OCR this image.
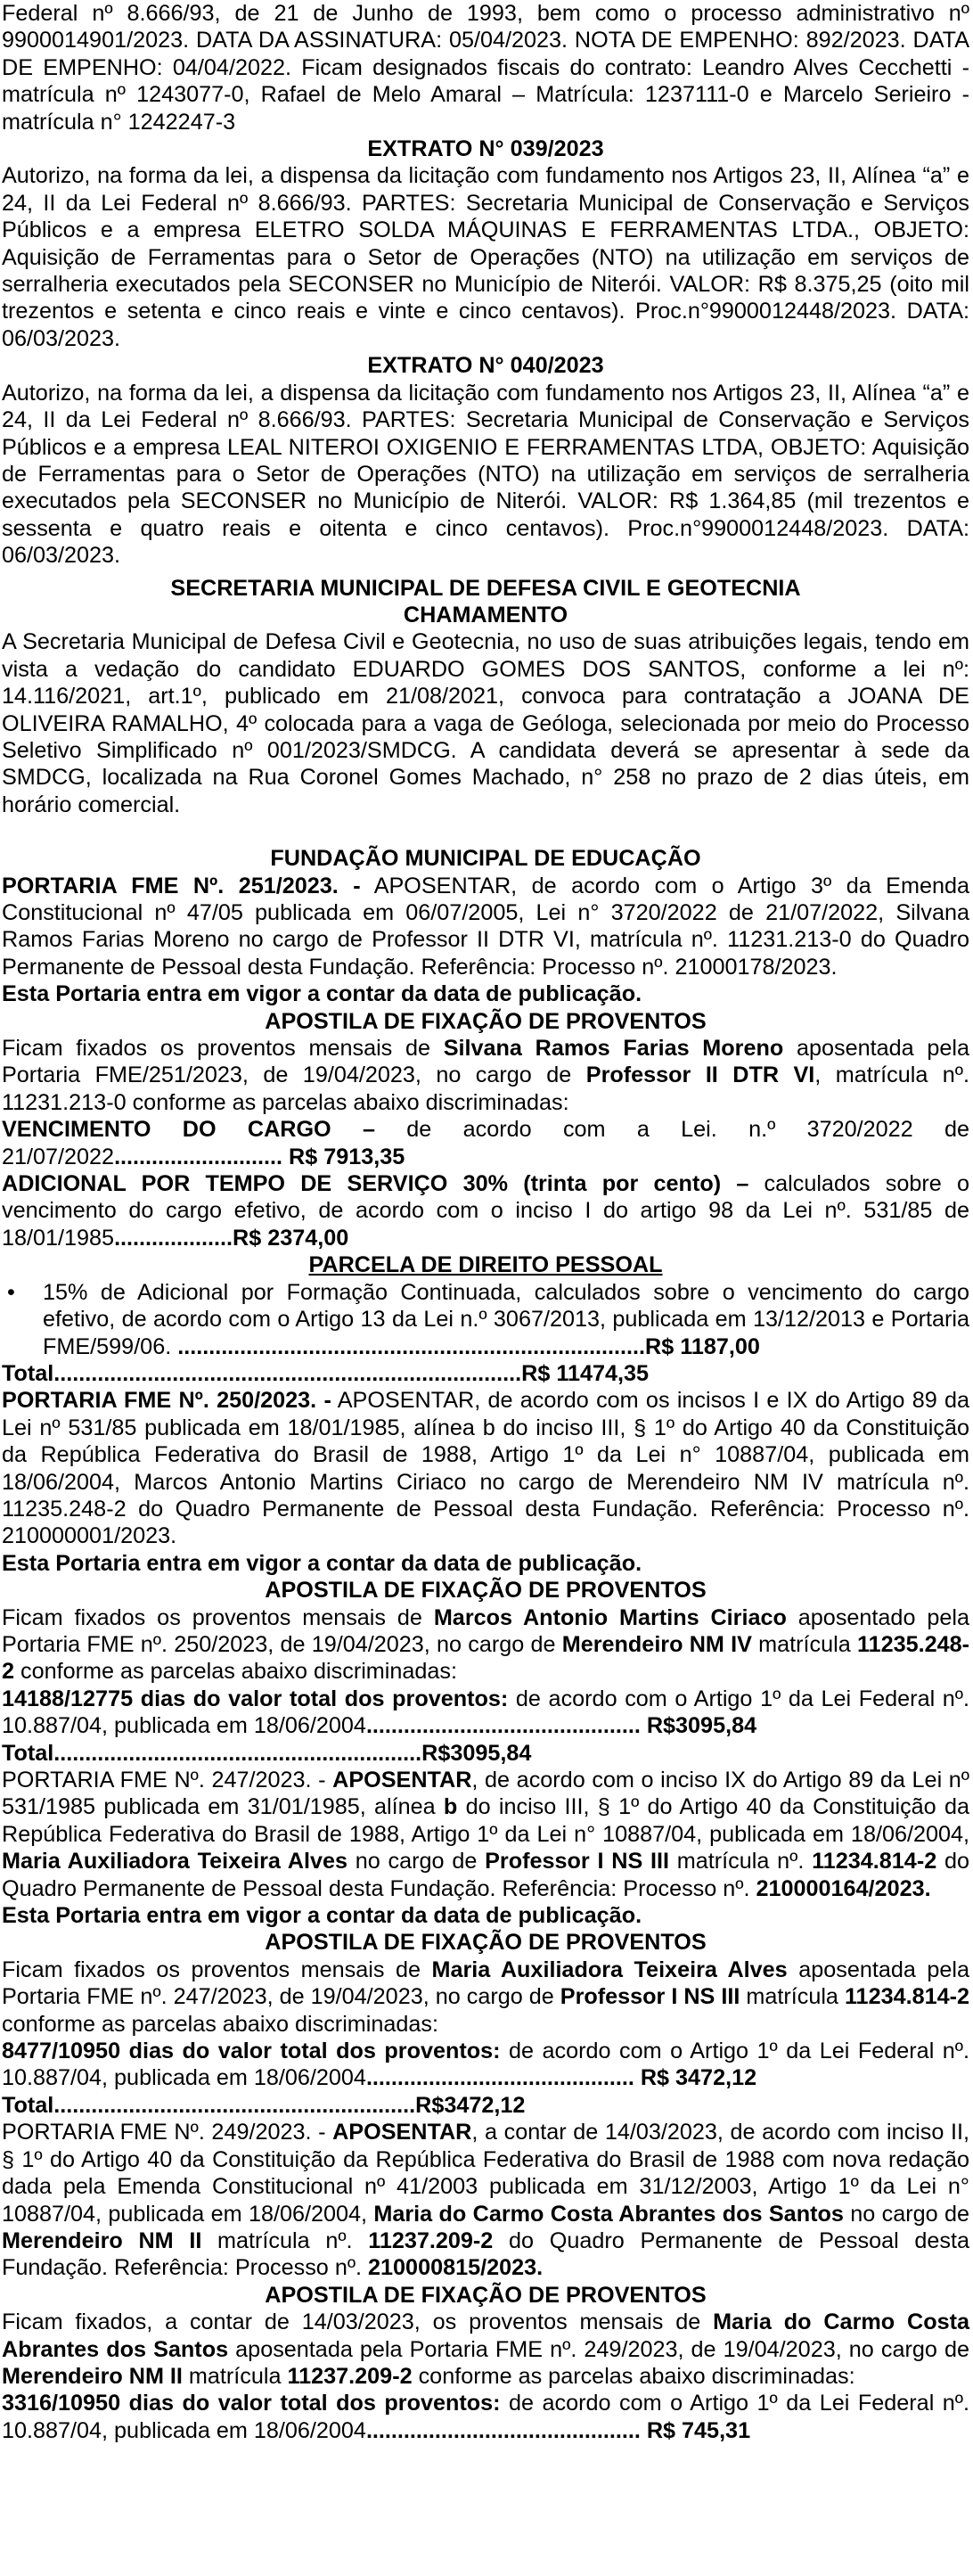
Federal nº 8.666/93, de 21 de Junho de 1993, bem como o processo administrativo nº 9900014901/2023. DATA DA ASSINATURA: 05/04/2023. NOTA DE EMPENHO: 892/2023. DATA DE EMPENHO: 04/04/2022. Ficam designados fiscais do contrato: Leandro Alves Cecchetti - matrícula nº 1243077-0, Rafael de Melo Amaral – Matrícula: 1237111-0 e Marcelo Serieiro - matrícula n° 1242247-3

EXTRATO N° 039/2023

Autorizo, na forma da lei, a dispensa da licitação com fundamento nos Artigos 23, II, Alínea “a” e 24, II da Lei Federal nº 8.666/93. PARTES: Secretaria Municipal de Conservação e Serviços Públicos e a empresa ELETRO SOLDA MÁQUINAS E FERRAMENTAS LTDA., OBJETO: Aquisição de Ferramentas para o Setor de Operações (NTO) na utilização em serviços de serralheria executados pela SECONSER no Município de Niterói. VALOR: R$ 8.375,25 (oito mil trezentos e setenta e cinco reais e vinte e cinco centavos). Proc.n°9900012448/2023. DATA: 06/03/2023.

EXTRATO N° 040/2023

Autorizo, na forma da lei, a dispensa da licitação com fundamento nos Artigos 23, II, Alínea “a” e 24, II da Lei Federal nº 8.666/93. PARTES: Secretaria Municipal de Conservação e Serviços Públicos e a empresa LEAL NITEROI OXIGENIO E FERRAMENTAS LTDA, OBJETO: Aquisição de Ferramentas para o Setor de Operações (NTO) na utilização em serviços de serralheria executados pela SECONSER no Município de Niterói. VALOR: R$ 1.364,85 (mil trezentos e sessenta e quatro reais e oitenta e cinco centavos). Proc.n°9900012448/2023. DATA: 06/03/2023.

SECRETARIA MUNICIPAL DE DEFESA CIVIL E GEOTECNIA

CHAMAMENTO

A Secretaria Municipal de Defesa Civil e Geotecnia, no uso de suas atribuições legais, tendo em vista a vedação do candidato EDUARDO GOMES DOS SANTOS, conforme a lei nº: 14.116/2021, art.1º, publicado em 21/08/2021, convoca para contratação a JOANA DE OLIVEIRA RAMALHO, 4º colocada para a vaga de Geóloga, selecionada por meio do Processo Seletivo Simplificado nº 001/2023/SMDCG. A candidata deverá se apresentar à sede da SMDCG, localizada na Rua Coronel Gomes Machado, n° 258 no prazo de 2 dias úteis, em horário comercial.

FUNDAÇÃO MUNICIPAL DE EDUCAÇÃO

PORTARIA FME Nº. 251/2023. - APOSENTAR, de acordo com o Artigo 3º da Emenda Constitucional nº 47/05 publicada em 06/07/2005, Lei n° 3720/2022 de 21/07/2022, Silvana Ramos Farias Moreno no cargo de Professor II DTR VI, matrícula nº. 11231.213-0 do Quadro Permanente de Pessoal desta Fundação. Referência: Processo nº. 21000178/2023.

Esta Portaria entra em vigor a contar da data de publicação.

APOSTILA DE FIXAÇÃO DE PROVENTOS

Ficam fixados os proventos mensais de Silvana Ramos Farias Moreno aposentada pela Portaria FME/251/2023, de 19/04/2023, no cargo de Professor II DTR VI, matrícula nº. 11231.213-0 conforme as parcelas abaixo discriminadas:

VENCIMENTO DO CARGO – de acordo com a Lei. n.º 3720/2022 de 21/07/2022........................... R$ 7913,35

ADICIONAL POR TEMPO DE SERVIÇO 30% (trinta por cento) – calculados sobre o vencimento do cargo efetivo, de acordo com o inciso I do artigo 98 da Lei nº. 531/85 de 18/01/1985...................R$ 2374,00

PARCELA DE DIREITO PESSOAL

•	15% de Adicional por Formação Continuada, calculados sobre o vencimento do cargo efetivo, de acordo com o Artigo 13 da Lei n.º 3067/2013, publicada em 13/12/2013 e Portaria FME/599/06. ...........................................................................R$ 1187,00

Total...........................................................................R$ 11474,35

PORTARIA FME Nº. 250/2023. - APOSENTAR, de acordo com os incisos I e IX do Artigo 89 da Lei nº 531/85 publicada em 18/01/1985, alínea b do inciso III, § 1º do Artigo 40 da Constituição da República Federativa do Brasil de 1988, Artigo 1º da Lei n° 10887/04, publicada em 18/06/2004, Marcos Antonio Martins Ciriaco no cargo de Merendeiro NM IV matrícula nº. 11235.248-2 do Quadro Permanente de Pessoal desta Fundação. Referência: Processo nº. 210000001/2023.

Esta Portaria entra em vigor a contar da data de publicação.

APOSTILA DE FIXAÇÃO DE PROVENTOS

Ficam fixados os proventos mensais de Marcos Antonio Martins Ciriaco aposentado pela Portaria FME nº. 250/2023, de 19/04/2023, no cargo de Merendeiro NM IV matrícula 11235.248-2 conforme as parcelas abaixo discriminadas:

14188/12775 dias do valor total dos proventos: de acordo com o Artigo 1º da Lei Federal nº. 10.887/04, publicada em 18/06/2004............................................ R$3095,84

Total...........................................................R$3095,84

PORTARIA FME Nº. 247/2023. - APOSENTAR, de acordo com o inciso IX do Artigo 89 da Lei nº 531/1985 publicada em 31/01/1985, alínea b do inciso III, § 1º do Artigo 40 da Constituição da República Federativa do Brasil de 1988, Artigo 1º da Lei n° 10887/04, publicada em 18/06/2004, Maria Auxiliadora Teixeira Alves no cargo de Professor I NS III matrícula nº. 11234.814-2 do Quadro Permanente de Pessoal desta Fundação. Referência: Processo nº. 210000164/2023.

Esta Portaria entra em vigor a contar da data de publicação.

APOSTILA DE FIXAÇÃO DE PROVENTOS

Ficam fixados os proventos mensais de Maria Auxiliadora Teixeira Alves aposentada pela Portaria FME nº. 247/2023, de 19/04/2023, no cargo de Professor I NS III matrícula 11234.814-2 conforme as parcelas abaixo discriminadas:

8477/10950 dias do valor total dos proventos: de acordo com o Artigo 1º da Lei Federal nº. 10.887/04, publicada em 18/06/2004........................................... R$ 3472,12

Total..........................................................R$3472,12

PORTARIA FME Nº. 249/2023. - APOSENTAR, a contar de 14/03/2023, de acordo com inciso II, § 1º do Artigo 40 da Constituição da República Federativa do Brasil de 1988 com nova redação dada pela Emenda Constitucional nº 41/2003 publicada em 31/12/2003, Artigo 1º da Lei n° 10887/04, publicada em 18/06/2004, Maria do Carmo Costa Abrantes dos Santos no cargo de Merendeiro NM II matrícula nº. 11237.209-2 do Quadro Permanente de Pessoal desta Fundação. Referência: Processo nº. 210000815/2023.

APOSTILA DE FIXAÇÃO DE PROVENTOS

Ficam fixados, a contar de 14/03/2023, os proventos mensais de Maria do Carmo Costa Abrantes dos Santos aposentada pela Portaria FME nº. 249/2023, de 19/04/2023, no cargo de Merendeiro NM II matrícula 11237.209-2 conforme as parcelas abaixo discriminadas:

3316/10950 dias do valor total dos proventos: de acordo com o Artigo 1º da Lei Federal nº. 10.887/04, publicada em 18/06/2004............................................ R$ 745,31
